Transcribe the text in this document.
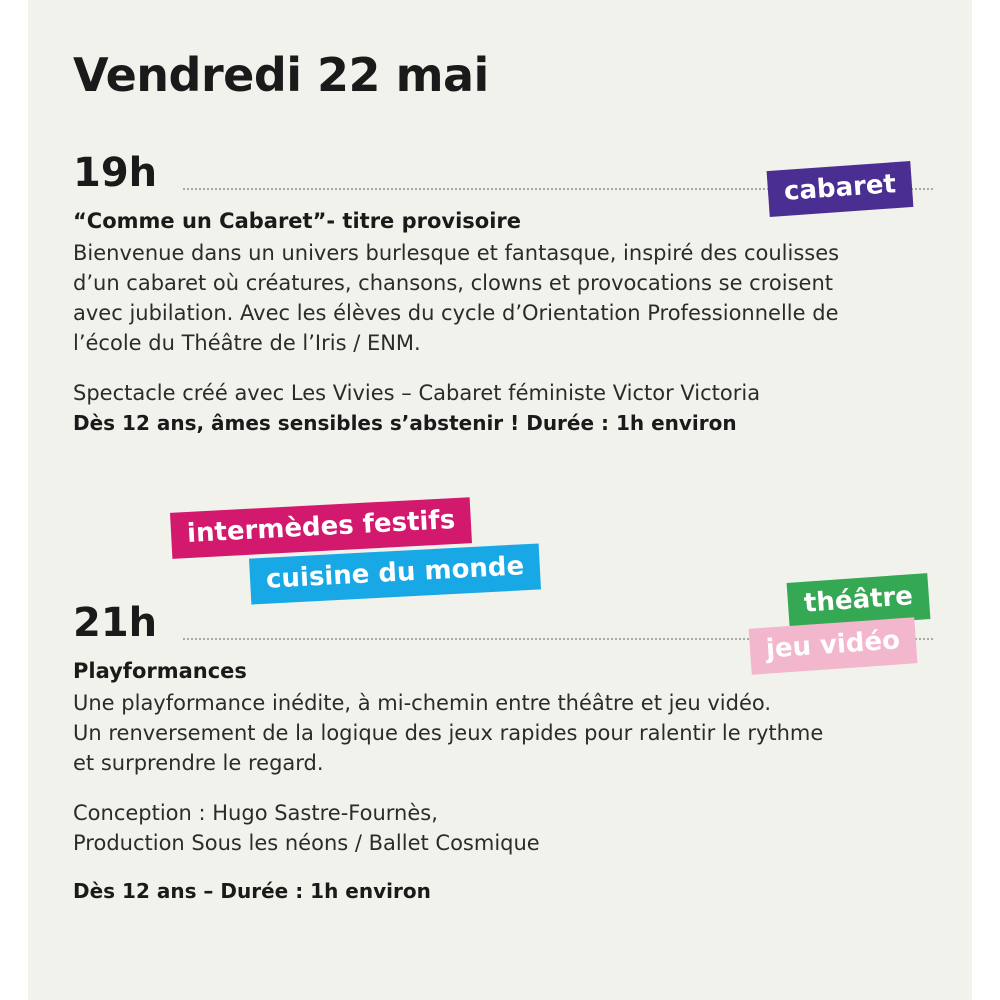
Vendredi 22 mai
19h
“Comme un Cabaret”- titre provisoire

Bienvenue dans un univers burlesque et fantasque, inspiré des coulisses

d’un cabaret où créatures, chansons, clowns et provocations se croisent

avec jubilation. Avec les élèves du cycle d’Orientation Professionnelle de

l’école du Théâtre de l’Iris / ENM.

Spectacle créé avec Les Vivies – Cabaret féministe Victor Victoria

Dès 12 ans, âmes sensibles s’abstenir ! Durée : 1h environ

21h
Playformances

Une playformance inédite, à mi-chemin entre théâtre et jeu vidéo.

Un renversement de la logique des jeux rapides pour ralentir le rythme

et surprendre le regard.

Conception : Hugo Sastre-Fournès,

Production Sous les néons / Ballet Cosmique

Dès 12 ans – Durée : 1h environ

cabaret
intermèdes festifs
cuisine du monde
théâtre
jeu vidéo
